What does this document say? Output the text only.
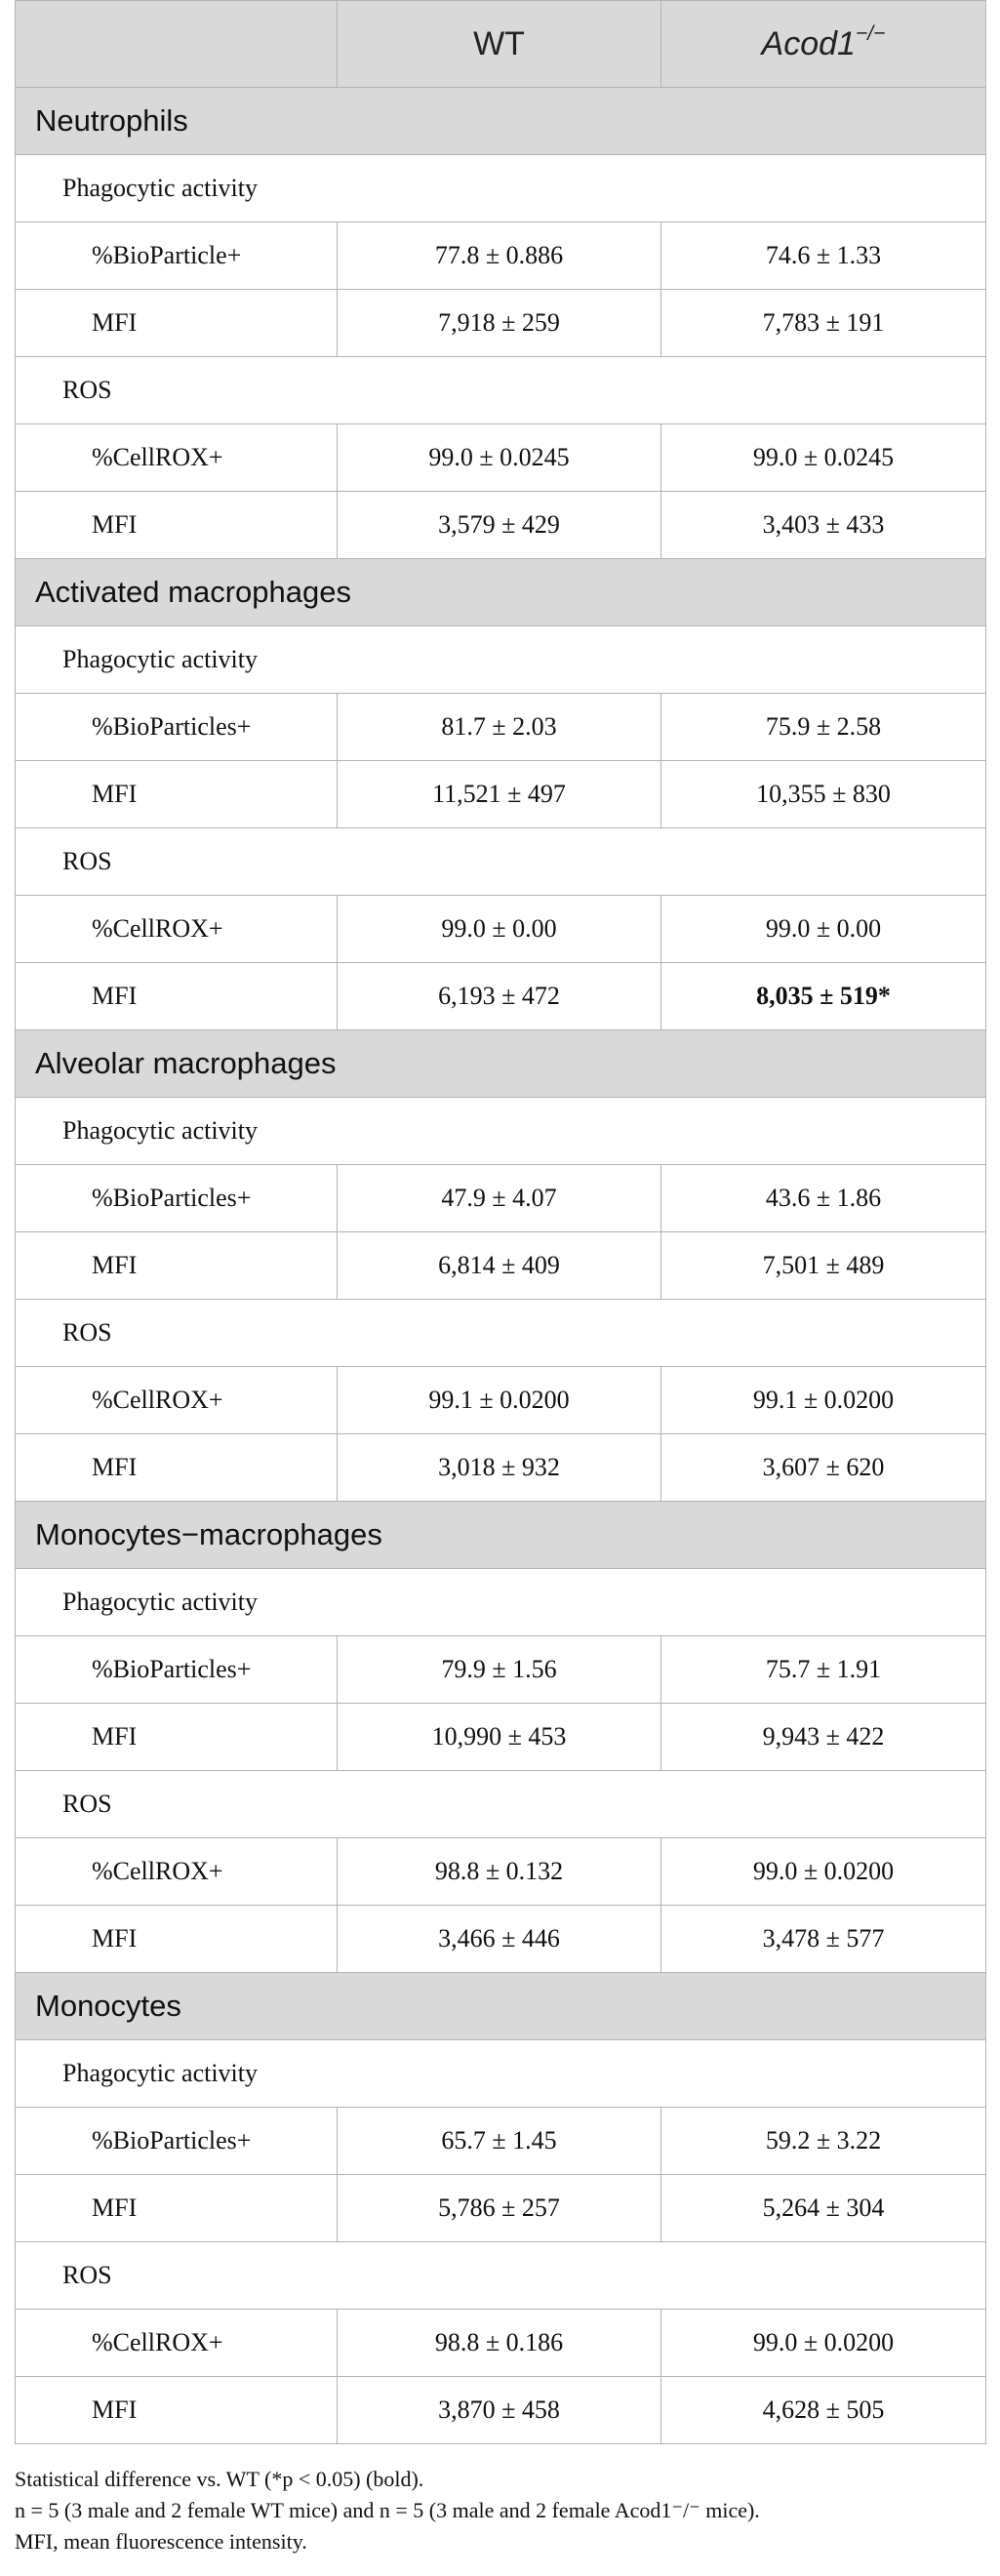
	WT	Acod1−/−
Neutrophils		
Phagocytic activity		
%BioParticle+	77.8 ± 0.886	74.6 ± 1.33
MFI	7,918 ± 259	7,783 ± 191
ROS		
%CellROX+	99.0 ± 0.0245	99.0 ± 0.0245
MFI	3,579 ± 429	3,403 ± 433
Activated macrophages		
Phagocytic activity		
%BioParticles+	81.7 ± 2.03	75.9 ± 2.58
MFI	11,521 ± 497	10,355 ± 830
ROS		
%CellROX+	99.0 ± 0.00	99.0 ± 0.00
MFI	6,193 ± 472	8,035 ± 519*
Alveolar macrophages		
Phagocytic activity		
%BioParticles+	47.9 ± 4.07	43.6 ± 1.86
MFI	6,814 ± 409	7,501 ± 489
ROS		
%CellROX+	99.1 ± 0.0200	99.1 ± 0.0200
MFI	3,018 ± 932	3,607 ± 620
Monocytes−macrophages		
Phagocytic activity		
%BioParticles+	79.9 ± 1.56	75.7 ± 1.91
MFI	10,990 ± 453	9,943 ± 422
ROS		
%CellROX+	98.8 ± 0.132	99.0 ± 0.0200
MFI	3,466 ± 446	3,478 ± 577
Monocytes		
Phagocytic activity		
%BioParticles+	65.7 ± 1.45	59.2 ± 3.22
MFI	5,786 ± 257	5,264 ± 304
ROS		
%CellROX+	98.8 ± 0.186	99.0 ± 0.0200
MFI	3,870 ± 458	4,628 ± 505
Statistical difference vs. WT (*p < 0.05) (bold).
n = 5 (3 male and 2 female WT mice) and n = 5 (3 male and 2 female Acod1⁻/⁻ mice).
MFI, mean fluorescence intensity.
